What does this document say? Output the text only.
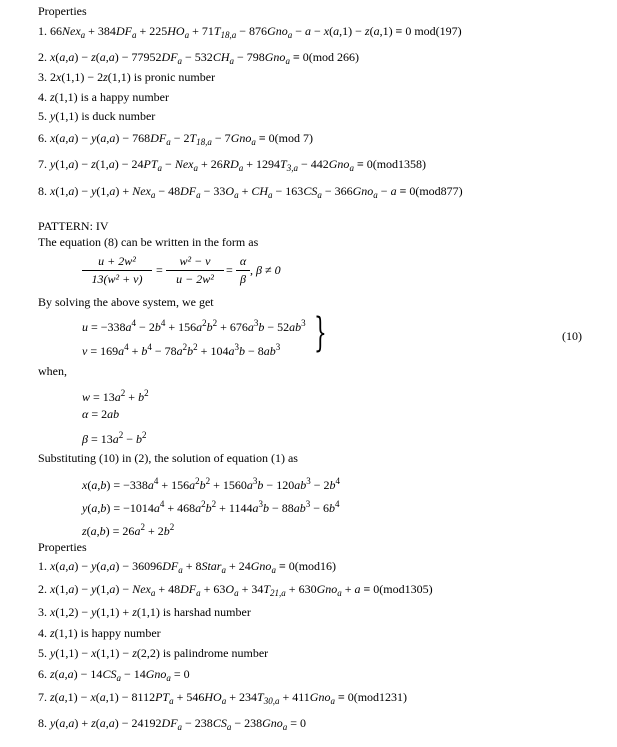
Properties
1. $66Nex_a + 384DF_a + 225HO_a + 71T_{18,a} - 876Gno_a - a - x(a,1) - z(a,1) \equiv 0$ mod(197)
2. $x(a,a) - z(a,a) - 77952DF_a - 532CH_a - 798Gno_a \equiv 0(mod$ 266)
3. 2x(1,1) − 2z(1,1) is pronic number
4. z(1,1) is a happy number
5. y(1,1) is duck number
6. $x(a,a) - y(a,a) - 768DF_a - 2T_{18,a} - 7Gno_a \equiv 0(mod$ 7)
7. $y(1,a) - z(1,a) - 24PT_a - Nex_a + 26RD_a + 1294T_{3,a} - 442Gno_a \equiv 0(mod1358)$
8. $x(1,a) - y(1,a) + Nex_a - 48DF_a - 33O_a + CH_a - 163CS_a - 366Gno_a - a \equiv 0(mod877)$
PATTERN: IV
The equation (8) can be written in the form as
$\frac{\text{u + 2w²}}{\text{13(w² + v)}} = \frac{\text{w² − v}}{\text{u − 2w²}} = \frac{\alpha}{\beta}$ , β ≠ 0
By solving the above system, we get
$u = -338a^4 - 2b^4 + 156a^2b^2 + 676a^3b - 52ab^3$
$v = 169a^4 + b^4 - 78a^2b^2 + 104a^3b - 8ab^3$ }	(10)
when,
$w = 13a^2 + b^2$
α = 2ab
$\beta = 13a^2 - b^2$
Substituting (10) in (2), the solution of equation (1) as
$x(a,b) = -338a^4 + 156a^2b^2 + 1560a^3b - 120ab^3 - 2b^4$
$y(a,b) = -1014a^4 + 468a^2b^2 + 1144a^3b - 88ab^3 - 6b^4$
$z(a,b) = 26a^2 + 2b^2$
Properties
1. $x(a,a) - y(a,a) - 36096DF_a$ + 8Star$_a$ + 24Gno$_a$ ≡ 0(mod16)
2. $x(1,a) - y(1,a) - Nex_a + 48DF_a + 63O_a + 34T_{21,a} + 630Gno_a + a \equiv 0(mod1305)$
3. x(1,2) − y(1,1) + z(1,1) is harshad number
4. z(1,1) is happy number
5. y(1,1) − x(1,1) − z(2,2) is palindrome number
6. $z(a,a) - 14CS_a - 14Gno_a = 0$
7. $z(a,1) - x(a,1) - 8112PT_a + 546HO_a + 234T_{30,a} + 411Gno_a \equiv 0(mod1231)$
8. $y(a,a) + z(a,a) - 24192DF_a - 238CS_a - 238Gno_a = 0$
